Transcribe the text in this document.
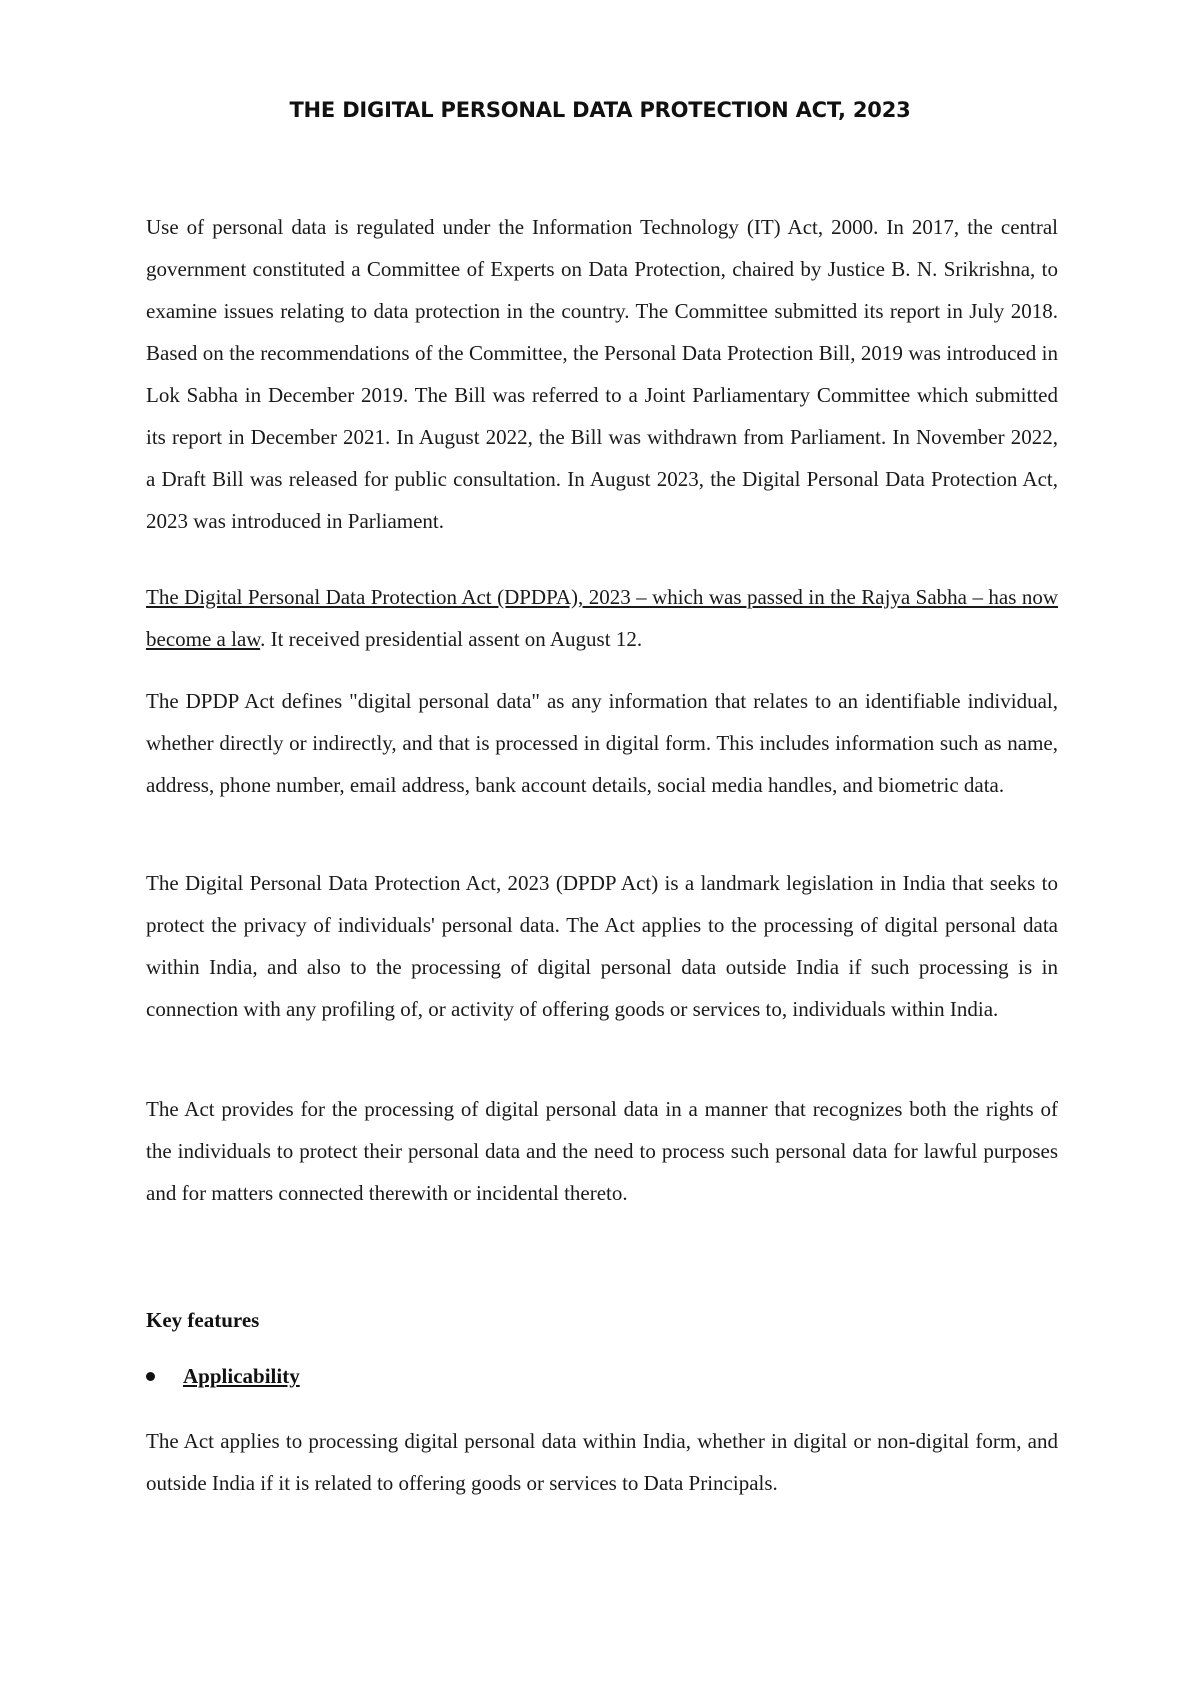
THE DIGITAL PERSONAL DATA PROTECTION ACT, 2023

Use of personal data is regulated under the Information Technology (IT) Act, 2000. In 2017, the central government constituted a Committee of Experts on Data Protection, chaired by Justice B. N. Srikrishna, to examine issues relating to data protection in the country. The Committee submitted its report in July 2018. Based on the recommendations of the Committee, the Personal Data Protection Bill, 2019 was introduced in Lok Sabha in December 2019. The Bill was referred to a Joint Parliamentary Committee which submitted its report in December 2021. In August 2022, the Bill was withdrawn from Parliament. In November 2022, a Draft Bill was released for public consultation. In August 2023, the Digital Personal Data Protection Act, 2023 was introduced in Parliament.

The Digital Personal Data Protection Act (DPDPA), 2023 – which was passed in the Rajya Sabha – has now become a law. It received presidential assent on August 12.

The DPDP Act defines "digital personal data" as any information that relates to an identifiable individual, whether directly or indirectly, and that is processed in digital form. This includes information such as name, address, phone number, email address, bank account details, social media handles, and biometric data.

The Digital Personal Data Protection Act, 2023 (DPDP Act) is a landmark legislation in India that seeks to protect the privacy of individuals' personal data. The Act applies to the processing of digital personal data within India, and also to the processing of digital personal data outside India if such processing is in connection with any profiling of, or activity of offering goods or services to, individuals within India.

The Act provides for the processing of digital personal data in a manner that recognizes both the rights of the individuals to protect their personal data and the need to process such personal data for lawful purposes and for matters connected therewith or incidental thereto.

Key features
Applicability

The Act applies to processing digital personal data within India, whether in digital or non-digital form, and outside India if it is related to offering goods or services to Data Principals.
